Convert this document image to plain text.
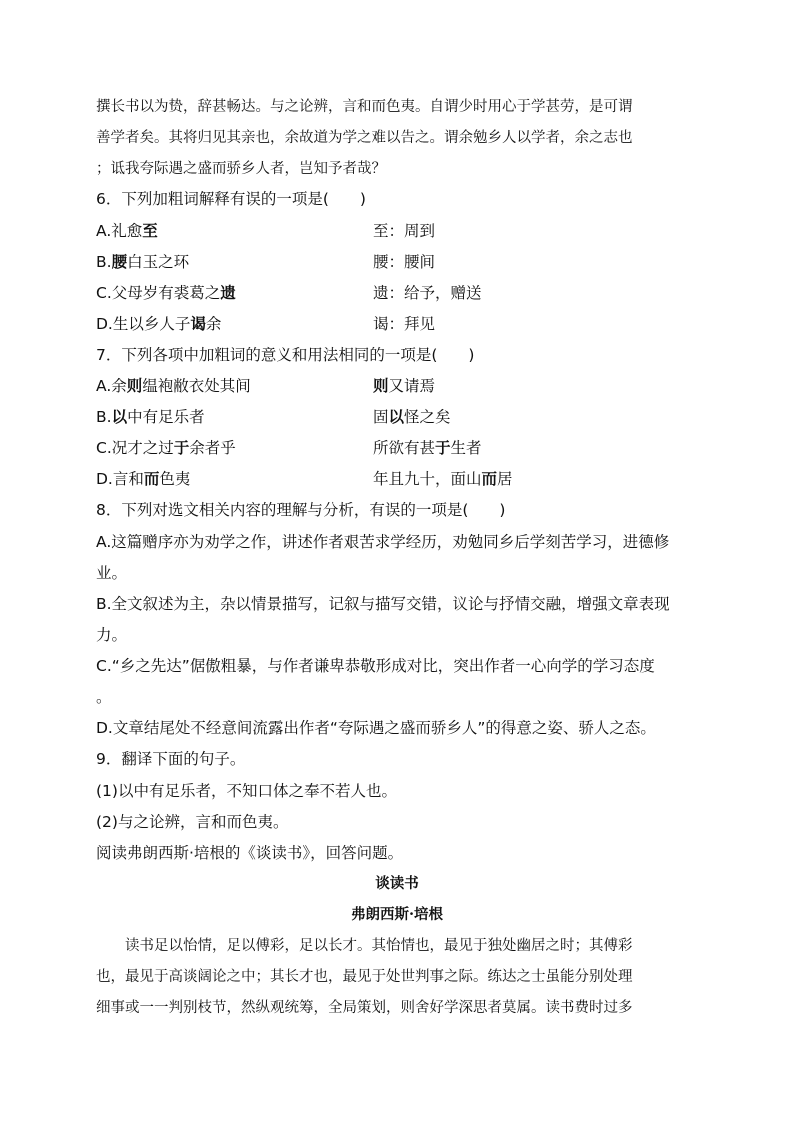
撰长书以为贽，辞甚畅达。与之论辨，言和而色夷。自谓少时用心于学甚劳，是可谓
善学者矣。其将归见其亲也，余故道为学之难以告之。谓余勉乡人以学者，余之志也
；诋我夸际遇之盛而骄乡人者，岂知予者哉？
6．下列加粗词解释有误的一项是(　　)
A.礼愈至	至：周到
B.腰白玉之环	腰：腰间
C.父母岁有裘葛之遗	遗：给予，赠送
D.生以乡人子谒余	谒：拜见
7．下列各项中加粗词的意义和用法相同的一项是(　　)
A.余则缊袍敝衣处其间	则又请焉
B.以中有足乐者	固以怪之矣
C.况才之过于余者乎	所欲有甚于生者
D.言和而色夷	年且九十，面山而居
8．下列对选文相关内容的理解与分析，有误的一项是(　　)
A.这篇赠序亦为劝学之作，讲述作者艰苦求学经历，劝勉同乡后学刻苦学习，进德修
业。
B.全文叙述为主，杂以情景描写，记叙与描写交错，议论与抒情交融，增强文章表现
力。
C.“乡之先达”倨傲粗暴，与作者谦卑恭敬形成对比，突出作者一心向学的学习态度
。
D.文章结尾处不经意间流露出作者“夸际遇之盛而骄乡人”的得意之姿、骄人之态。
9．翻译下面的句子。
(1)以中有足乐者，不知口体之奉不若人也。
(2)与之论辨，言和而色夷。
阅读弗朗西斯·培根的《谈读书》，回答问题。
谈读书
弗朗西斯·培根
　　读书足以怡情，足以傅彩，足以长才。其怡情也，最见于独处幽居之时；其傅彩
也，最见于高谈阔论之中；其长才也，最见于处世判事之际。练达之士虽能分别处理
细事或一一判别枝节，然纵观统筹，全局策划，则舍好学深思者莫属。读书费时过多
